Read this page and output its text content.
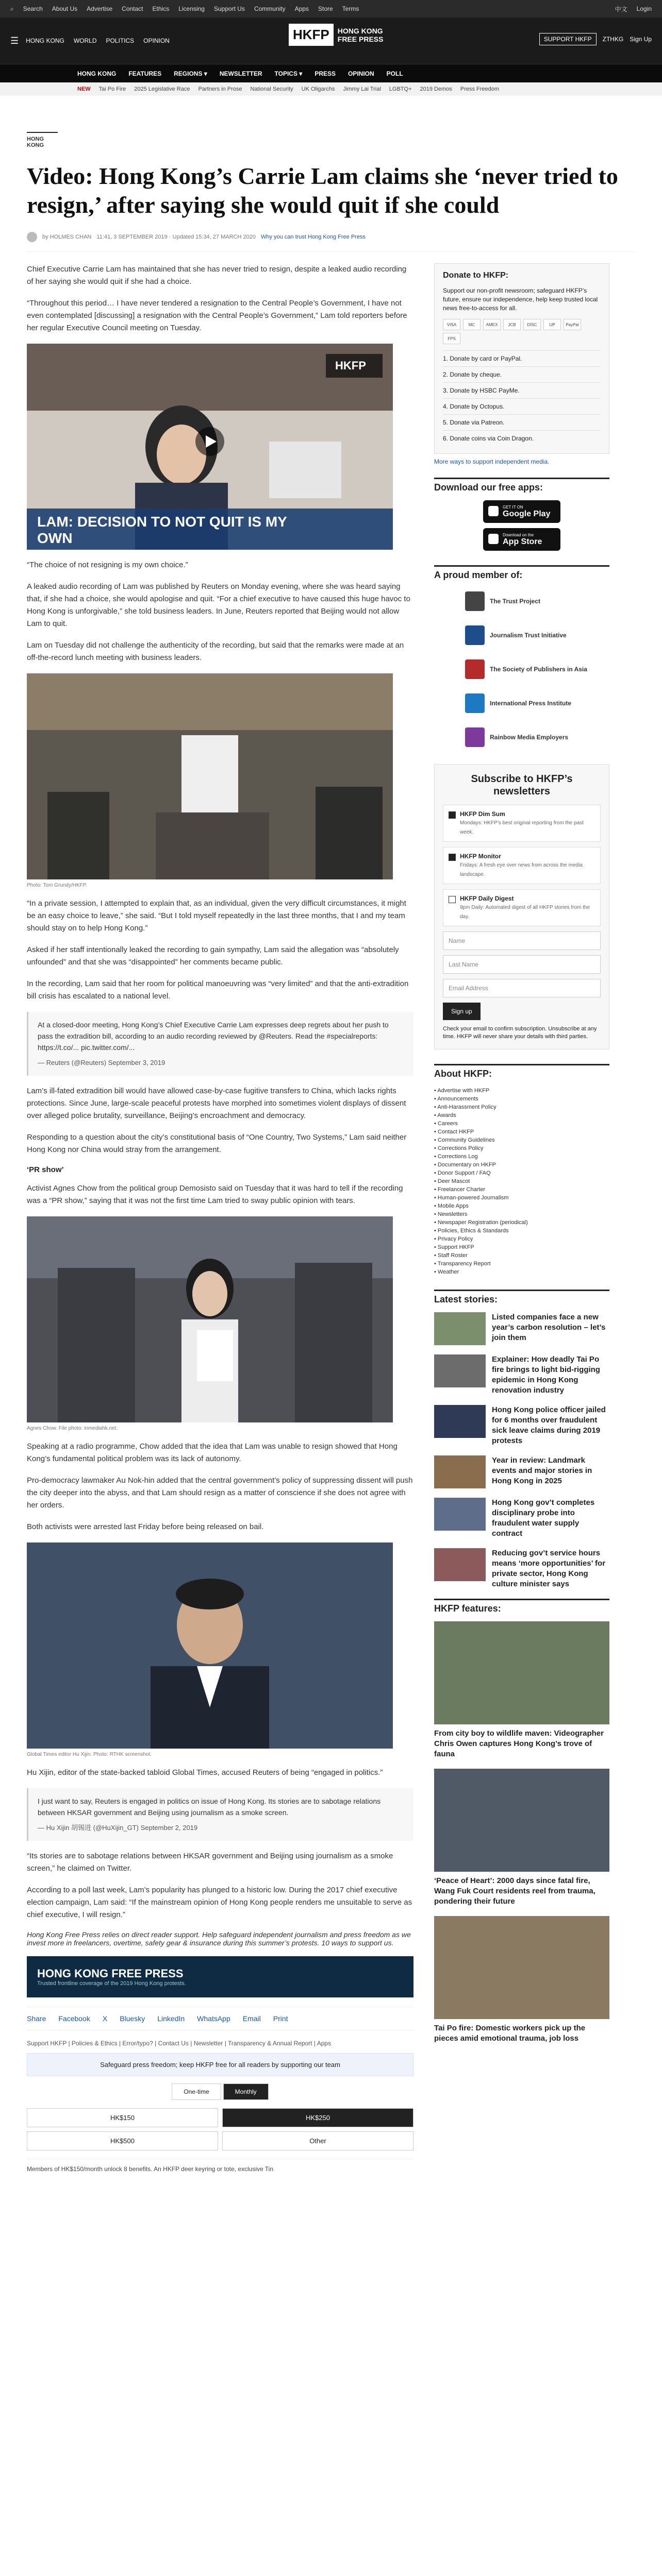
⌕ Search About Us Advertise Contact Ethics Licensing Support Us Community Apps Store Terms	中文 Login
☰ HONG KONG WORLD POLITICS OPINION	HKFP	HONG KONG
FREE PRESS	SUPPORT HKFP	ZTHKG Sign Up
HONG KONG FEATURES REGIONS ▾ NEWSLETTER TOPICS ▾ PRESS OPINION POLL
NEW Tai Po Fire 2025 Legislative Race Partners in Prose National Security UK Oligarchs Jimmy Lai Trial LGBTQ+ 2019 Demos Press Freedom
HONG KONG
Video: Hong Kong’s Carrie Lam claims she ‘never tried to resign,’ after saying she would quit if she could
by HOLMES CHAN 11:41, 3 SEPTEMBER 2019 · Updated 15:34, 27 MARCH 2020 Why you can trust Hong Kong Free Press

Chief Executive Carrie Lam has maintained that she has never tried to resign, despite a leaked audio recording of her saying she would quit if she had a choice.

“Throughout this period… I have never tendered a resignation to the Central People’s Government, I have not even contemplated [discussing] a resignation with the Central People’s Government,” Lam told reporters before her regular Executive Council meeting on Tuesday.

HKFP
LAM: DECISION TO NOT QUIT IS MY OWN

“The choice of not resigning is my own choice.”

A leaked audio recording of Lam was published by Reuters on Monday evening, where she was heard saying that, if she had a choice, she would apologise and quit. “For a chief executive to have caused this huge havoc to Hong Kong is unforgivable,” she told business leaders. In June, Reuters reported that Beijing would not allow Lam to quit.

Lam on Tuesday did not challenge the authenticity of the recording, but said that the remarks were made at an off-the-record lunch meeting with business leaders.

Photo: Tom Grundy/HKFP.

“In a private session, I attempted to explain that, as an individual, given the very difficult circumstances, it might be an easy choice to leave,” she said. “But I told myself repeatedly in the last three months, that I and my team should stay on to help Hong Kong.”

Asked if her staff intentionally leaked the recording to gain sympathy, Lam said the allegation was “absolutely unfounded” and that she was “disappointed” her comments became public.

In the recording, Lam said that her room for political manoeuvring was “very limited” and that the anti-extradition bill crisis has escalated to a national level.

At a closed-door meeting, Hong Kong’s Chief Executive Carrie Lam expresses deep regrets about her push to pass the extradition bill, according to an audio recording reviewed by @Reuters. Read the #specialreports: https://t.co/... pic.twitter.com/...
— Reuters (@Reuters) September 3, 2019

Lam’s ill-fated extradition bill would have allowed case-by-case fugitive transfers to China, which lacks rights protections. Since June, large-scale peaceful protests have morphed into sometimes violent displays of dissent over alleged police brutality, surveillance, Beijing’s encroachment and democracy.

Responding to a question about the city’s constitutional basis of “One Country, Two Systems,” Lam said neither Hong Kong nor China would stray from the arrangement.

‘PR show’

Activist Agnes Chow from the political group Demosisto said on Tuesday that it was hard to tell if the recording was a “PR show,” saying that it was not the first time Lam tried to sway public opinion with tears.

Agnes Chow. File photo: inmediahk.net.

Speaking at a radio programme, Chow added that the idea that Lam was unable to resign showed that Hong Kong’s fundamental political problem was its lack of autonomy.

Pro-democracy lawmaker Au Nok-hin added that the central government’s policy of suppressing dissent will push the city deeper into the abyss, and that Lam should resign as a matter of conscience if she does not agree with her orders.

Both activists were arrested last Friday before being released on bail.

Global Times editor Hu Xijin. Photo: RTHK screenshot.

Hu Xijin, editor of the state-backed tabloid Global Times, accused Reuters of being “engaged in politics.”

I just want to say, Reuters is engaged in politics on issue of Hong Kong. Its stories are to sabotage relations between HKSAR government and Beijing using journalism as a smoke screen.
— Hu Xijin 胡锡进 (@HuXijin_GT) September 2, 2019

“Its stories are to sabotage relations between HKSAR government and Beijing using journalism as a smoke screen,” he claimed on Twitter.

According to a poll last week, Lam’s popularity has plunged to a historic low. During the 2017 chief executive election campaign, Lam said: “If the mainstream opinion of Hong Kong people renders me unsuitable to serve as chief executive, I will resign.”

Hong Kong Free Press relies on direct reader support. Help safeguard independent journalism and press freedom as we invest more in freelancers, overtime, safety gear & insurance during this summer’s protests. 10 ways to support us.
HONG KONG FREE PRESS
Trusted frontline coverage of the 2019 Hong Kong protests.
Share Facebook X Bluesky LinkedIn WhatsApp Email Print
Support HKFP | Policies & Ethics | Error/typo? | Contact Us | Newsletter | Transparency & Annual Report | Apps
Safeguard press freedom; keep HKFP free for all readers by supporting our team
One-time	Monthly
HK$150	HK$250
HK$500	Other
Members of HK$150/month unlock 8 benefits. An HKFP deer keyring or tote, exclusive Tin
Donate to HKFP:

Support our non-profit newsroom; safeguard HKFP’s future, ensure our independence, help keep trusted local news free-to-access for all.

VISA	MC	AMEX	JCB	DISC	UP	PayPal
FPS
1. Donate by card or PayPal.
2. Donate by cheque.
3. Donate by HSBC PayMe.
4. Donate by Octopus.
5. Donate via Patreon.
6. Donate coins via Coin Dragon.
More ways to support independent media.
Download our free apps:
GET IT ON
Google Play
Download on the
App Store
A proud member of:
The Trust Project
Journalism Trust Initiative
The Society of Publishers in Asia
International Press Institute
Rainbow Media Employers
Subscribe to HKFP’s newsletters
HKFP Dim Sum
Mondays: HKFP’s best original reporting from the past week.
HKFP Monitor
Fridays: A fresh eye over news from across the media landscape.
HKFP Daily Digest
9pm Daily: Automated digest of all HKFP stories from the day.
Name
Last Name
Email Address
Sign up

Check your email to confirm subscription. Unsubscribe at any time. HKFP will never share your details with third parties.

About HKFP:
• Advertise with HKFP
• Announcements
• Anti-Harassment Policy
• Awards
• Careers
• Contact HKFP
• Community Guidelines
• Corrections Policy
• Corrections Log
• Documentary on HKFP
• Donor Support / FAQ
• Deer Mascot
• Freelancer Charter
• Human-powered Journalism
• Mobile Apps
• Newsletters
• Newspaper Registration (periodical)
• Policies, Ethics & Standards
• Privacy Policy
• Support HKFP
• Staff Roster
• Transparency Report
• Weather
Latest stories:
Listed companies face a new year’s carbon resolution – let’s join them
Explainer: How deadly Tai Po fire brings to light bid-rigging epidemic in Hong Kong renovation industry
Hong Kong police officer jailed for 6 months over fraudulent sick leave claims during 2019 protests
Year in review: Landmark events and major stories in Hong Kong in 2025
Hong Kong gov’t completes disciplinary probe into fraudulent water supply contract
Reducing gov’t service hours means ‘more opportunities’ for private sector, Hong Kong culture minister says
HKFP features:
From city boy to wildlife maven: Videographer Chris Owen captures Hong Kong’s trove of fauna
‘Peace of Heart’: 2000 days since fatal fire, Wang Fuk Court residents reel from trauma, pondering their future
Tai Po fire: Domestic workers pick up the pieces amid emotional trauma, job loss
